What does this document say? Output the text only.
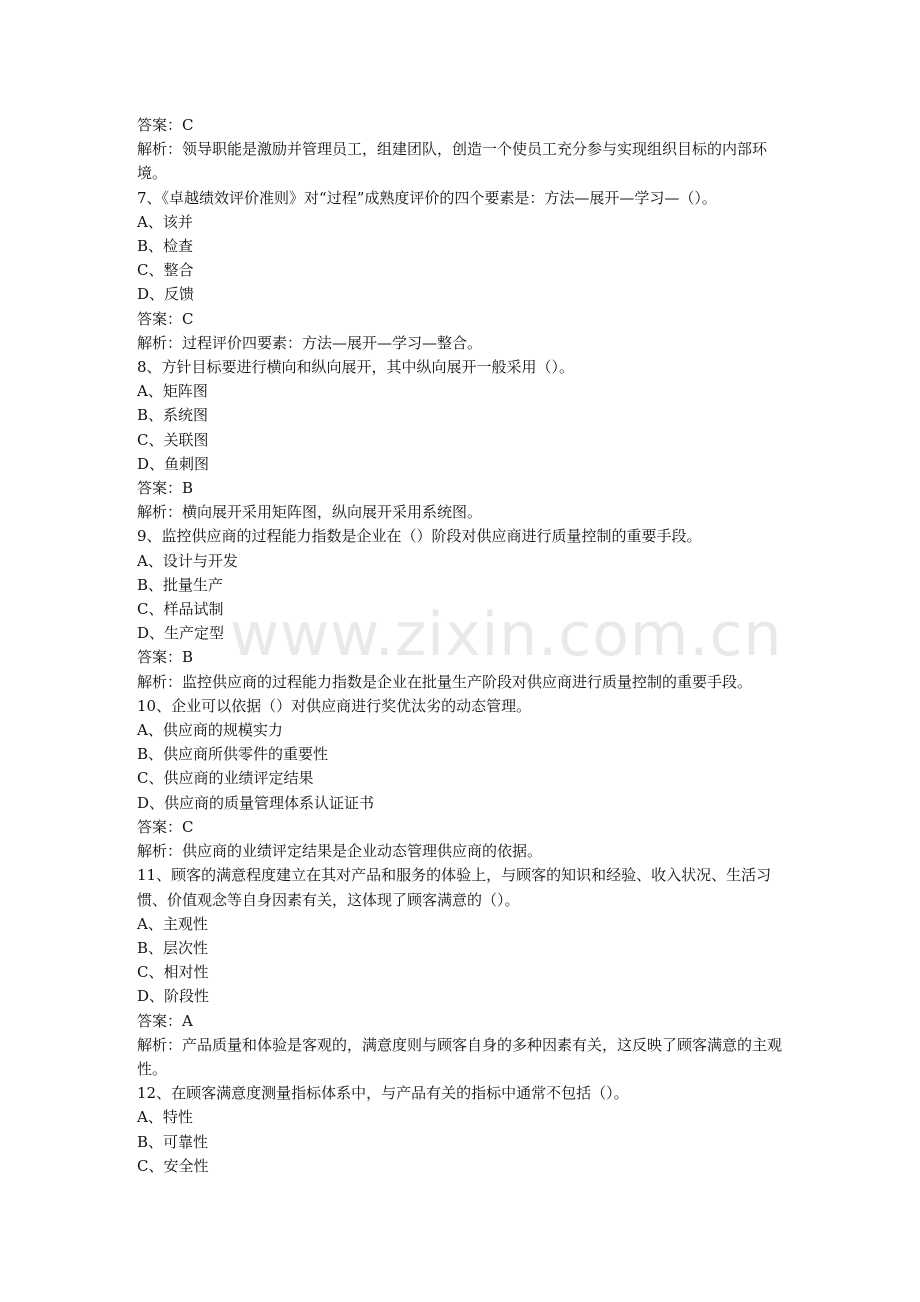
答案：C

解析：领导职能是激励并管理员工，组建团队，创造一个使员工充分参与实现组织目标的内部环境。

7、《卓越绩效评价准则》对“过程”成熟度评价的四个要素是：方法—展开—学习—（）。

A、该并

B、检查

C、整合

D、反馈

答案：C

解析：过程评价四要素：方法—展开—学习—整合。

8、方针目标要进行横向和纵向展开，其中纵向展开一般采用（）。

A、矩阵图

B、系统图

C、关联图

D、鱼刺图

答案：B

解析：横向展开采用矩阵图，纵向展开采用系统图。

9、监控供应商的过程能力指数是企业在（）阶段对供应商进行质量控制的重要手段。

A、设计与开发

B、批量生产

C、样品试制

D、生产定型

答案：B

解析：监控供应商的过程能力指数是企业在批量生产阶段对供应商进行质量控制的重要手段。

10、企业可以依据（）对供应商进行奖优汰劣的动态管理。

A、供应商的规模实力

B、供应商所供零件的重要性

C、供应商的业绩评定结果

D、供应商的质量管理体系认证证书

答案：C

解析：供应商的业绩评定结果是企业动态管理供应商的依据。

11、顾客的满意程度建立在其对产品和服务的体验上，与顾客的知识和经验、收入状况、生活习惯、价值观念等自身因素有关，这体现了顾客满意的（）。

A、主观性

B、层次性

C、相对性

D、阶段性

答案：A

解析：产品质量和体验是客观的，满意度则与顾客自身的多种因素有关，这反映了顾客满意的主观性。

12、在顾客满意度测量指标体系中，与产品有关的指标中通常不包括（）。

A、特性

B、可靠性

C、安全性

www.zixin.com.cn
